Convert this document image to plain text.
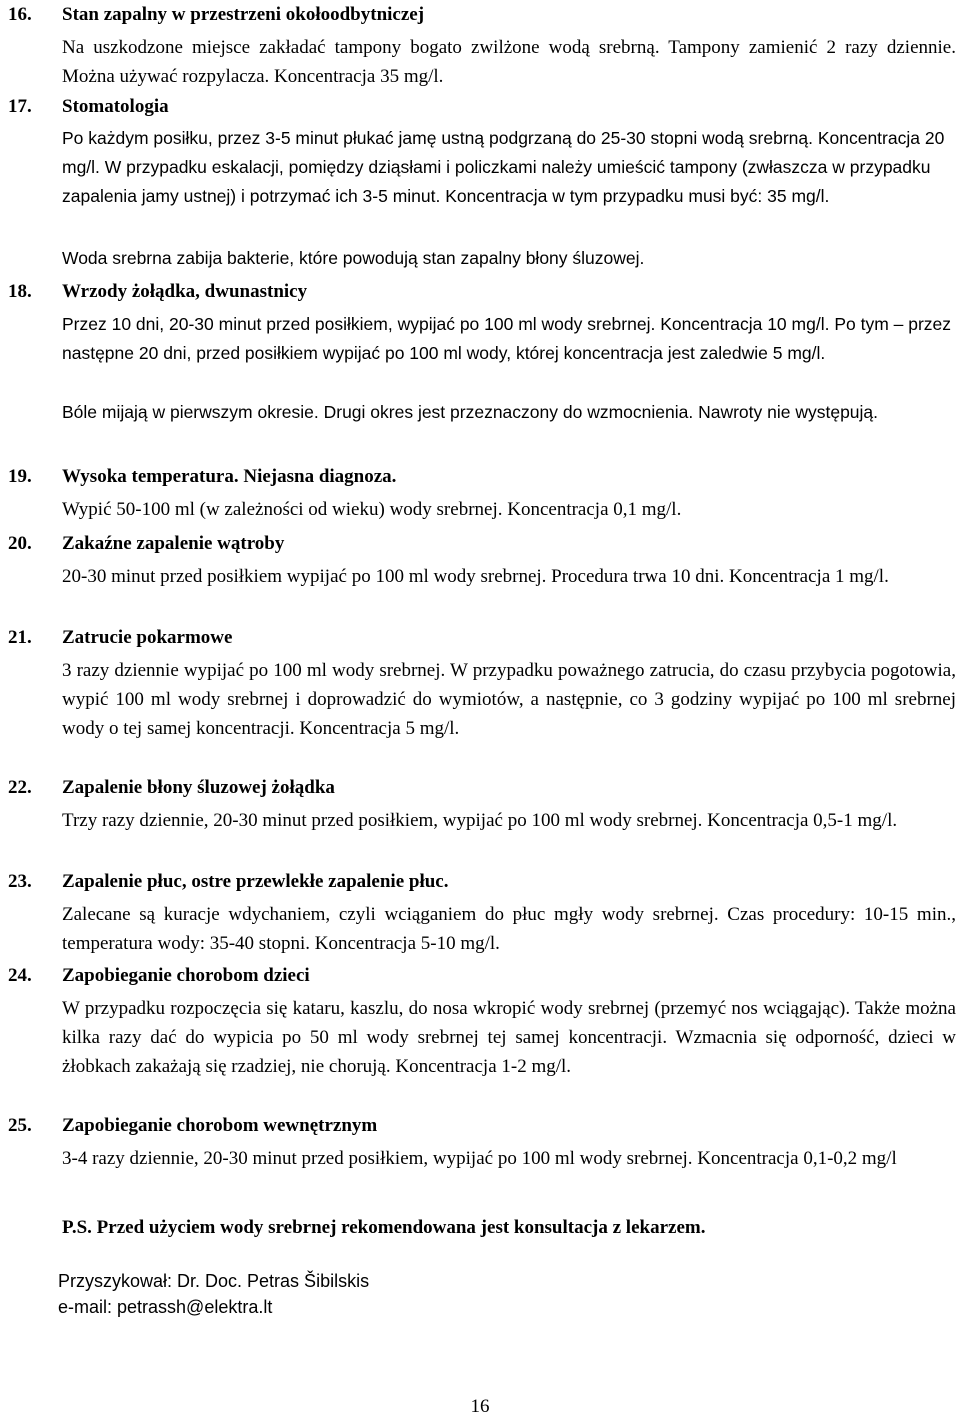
16. Stan zapalny w przestrzeni okołoodbytniczej
Na uszkodzone miejsce zakładać tampony bogato zwilżone wodą srebrną. Tampony zamienić 2 razy dziennie. Można używać rozpylacza. Koncentracja 35 mg/l.
17. Stomatologia
Po każdym posiłku, przez 3-5 minut płukać jamę ustną podgrzaną do 25-30 stopni wodą srebrną. Koncentracja 20 mg/l. W przypadku eskalacji, pomiędzy dziąsłami i policzkami należy umieścić tampony (zwłaszcza w przypadku zapalenia jamy ustnej) i potrzymać ich 3-5 minut. Koncentracja w tym przypadku musi być: 35 mg/l.
Woda srebrna zabija bakterie, które powodują stan zapalny błony śluzowej.
18. Wrzody żołądka, dwunastnicy
Przez 10 dni, 20-30 minut przed posiłkiem, wypijać po 100 ml wody srebrnej. Koncentracja 10 mg/l. Po tym – przez następne 20 dni, przed posiłkiem wypijać po 100 ml wody, której koncentracja jest zaledwie 5 mg/l.
Bóle mijają w pierwszym okresie. Drugi okres jest przeznaczony do wzmocnienia. Nawroty nie występują.
19. Wysoka temperatura. Niejasna diagnoza.
Wypić 50-100 ml (w zależności od wieku) wody srebrnej. Koncentracja 0,1 mg/l.
20. Zakaźne zapalenie wątroby
20-30 minut przed posiłkiem wypijać po 100 ml wody srebrnej. Procedura trwa 10 dni. Koncentracja 1 mg/l.
21. Zatrucie pokarmowe
3 razy dziennie wypijać po 100 ml wody srebrnej. W przypadku poważnego zatrucia, do czasu przybycia pogotowia, wypić 100 ml wody srebrnej i doprowadzić do wymiotów, a następnie, co 3 godziny wypijać po 100 ml srebrnej wody o tej samej koncentracji. Koncentracja 5 mg/l.
22. Zapalenie błony śluzowej żołądka
Trzy razy dziennie, 20-30 minut przed posiłkiem, wypijać po 100 ml wody srebrnej. Koncentracja 0,5-1 mg/l.
23. Zapalenie płuc, ostre przewlekłe zapalenie płuc.
Zalecane są kuracje wdychaniem, czyli wciąganiem do płuc mgły wody srebrnej. Czas procedury: 10-15 min., temperatura wody: 35-40 stopni. Koncentracja 5-10 mg/l.
24. Zapobieganie chorobom dzieci
W przypadku rozpoczęcia się kataru, kaszlu, do nosa wkropić wody srebrnej (przemyć nos wciągając). Także można kilka razy dać do wypicia po 50 ml wody srebrnej tej samej koncentracji. Wzmacnia się odporność, dzieci w żłobkach zakażają się rzadziej, nie chorują. Koncentracja 1-2 mg/l.
25. Zapobieganie chorobom wewnętrznym
3-4 razy dziennie, 20-30 minut przed posiłkiem, wypijać po 100 ml wody srebrnej. Koncentracja 0,1-0,2 mg/l
P.S. Przed użyciem wody srebrnej rekomendowana jest konsultacja z lekarzem.
Przyszykował: Dr. Doc. Petras Šibilskis
e-mail: petrassh@elektra.lt
16
